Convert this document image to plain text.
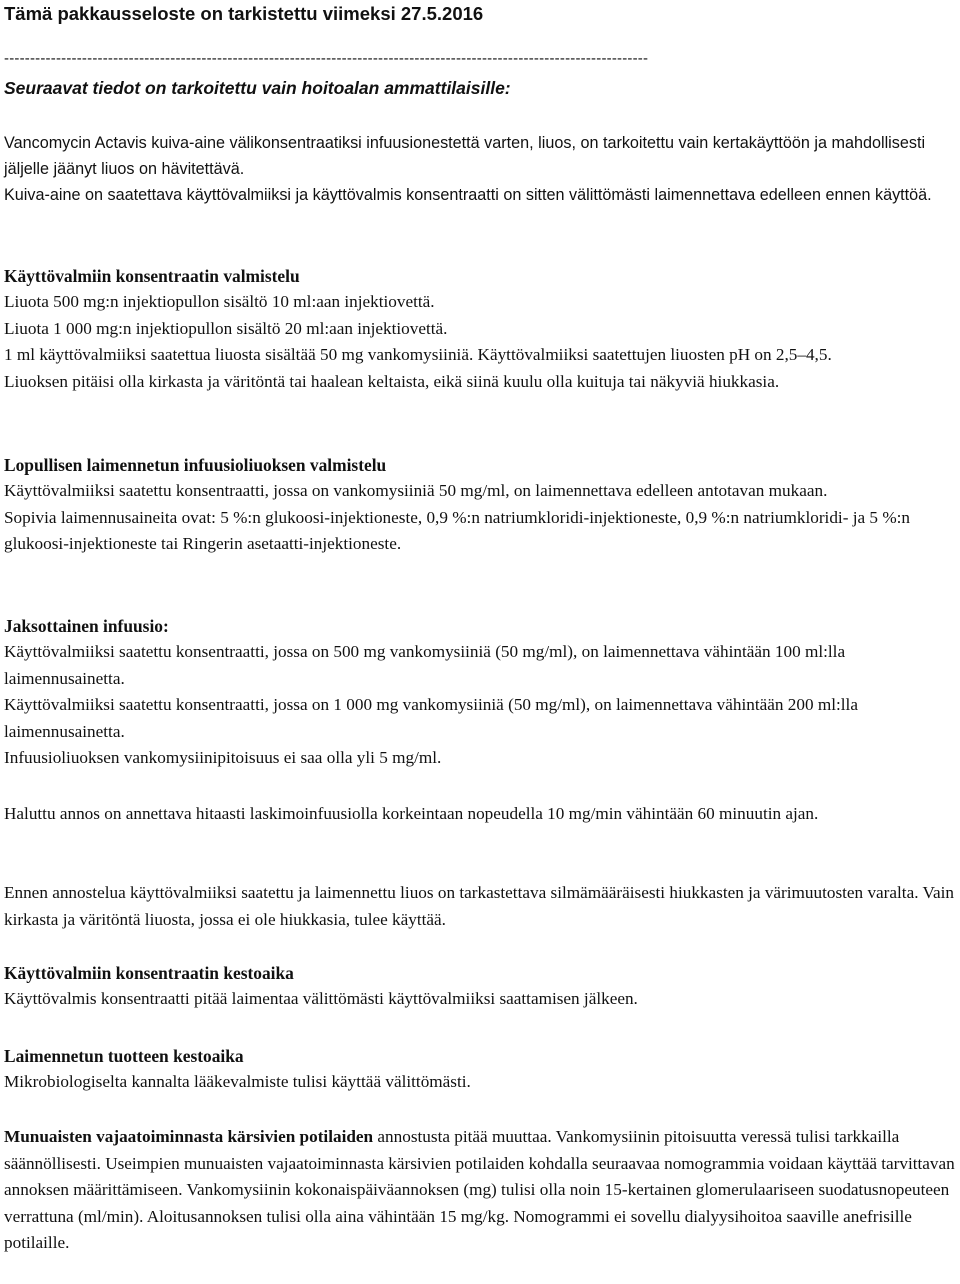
Tämä pakkausseloste on tarkistettu viimeksi 27.5.2016

----------------------------------------------------------------------------------------------------------------------------

Seuraavat tiedot on tarkoitettu vain hoitoalan ammattilaisille:

Vancomycin Actavis kuiva-aine välikonsentraatiksi infuusionestettä varten, liuos, on tarkoitettu vain kertakäyttöön ja mahdollisesti jäljelle jäänyt liuos on hävitettävä.

Kuiva-aine on saatettava käyttövalmiiksi ja käyttövalmis konsentraatti on sitten välittömästi laimennettava edelleen ennen käyttöä.

Käyttövalmiin konsentraatin valmistelu

Liuota 500 mg:n injektiopullon sisältö 10 ml:aan injektiovettä.

Liuota 1 000 mg:n injektiopullon sisältö 20 ml:aan injektiovettä.

1 ml käyttövalmiiksi saatettua liuosta sisältää 50 mg vankomysiiniä. Käyttövalmiiksi saatettujen liuosten pH on 2,5–4,5.

Liuoksen pitäisi olla kirkasta ja väritöntä tai haalean keltaista, eikä siinä kuulu olla kuituja tai näkyviä hiukkasia.

Lopullisen laimennetun infuusioliuoksen valmistelu

Käyttövalmiiksi saatettu konsentraatti, jossa on vankomysiiniä 50 mg/ml, on laimennettava edelleen antotavan mukaan.

Sopivia laimennusaineita ovat: 5 %:n glukoosi-injektioneste, 0,9 %:n natriumkloridi-injektioneste, 0,9 %:n natriumkloridi- ja 5 %:n glukoosi-injektioneste tai Ringerin asetaatti-injektioneste.

Jaksottainen infuusio:

Käyttövalmiiksi saatettu konsentraatti, jossa on 500 mg vankomysiiniä (50 mg/ml), on laimennettava vähintään 100 ml:lla laimennusainetta.

Käyttövalmiiksi saatettu konsentraatti, jossa on 1 000 mg vankomysiiniä (50 mg/ml), on laimennettava vähintään 200 ml:lla laimennusainetta.

Infuusioliuoksen vankomysiinipitoisuus ei saa olla yli 5 mg/ml.

Haluttu annos on annettava hitaasti laskimoinfuusiolla korkeintaan nopeudella 10 mg/min vähintään 60 minuutin ajan.

Ennen annostelua käyttövalmiiksi saatettu ja laimennettu liuos on tarkastettava silmämääräisesti hiukkasten ja värimuutosten varalta. Vain kirkasta ja väritöntä liuosta, jossa ei ole hiukkasia, tulee käyttää.

Käyttövalmiin konsentraatin kestoaika

Käyttövalmis konsentraatti pitää laimentaa välittömästi käyttövalmiiksi saattamisen jälkeen.

Laimennetun tuotteen kestoaika

Mikrobiologiselta kannalta lääkevalmiste tulisi käyttää välittömästi.

Munuaisten vajaatoiminnasta kärsivien potilaiden annostusta pitää muuttaa. Vankomysiinin pitoisuutta veressä tulisi tarkkailla säännöllisesti. Useimpien munuaisten vajaatoiminnasta kärsivien potilaiden kohdalla seuraavaa nomogrammia voidaan käyttää tarvittavan annoksen määrittämiseen. Vankomysiinin kokonaispäiväannoksen (mg) tulisi olla noin 15-kertainen glomerulaariseen suodatusnopeuteen verrattuna (ml/min). Aloitusannoksen tulisi olla aina vähintään 15 mg/kg. Nomogrammi ei sovellu dialyysihoitoa saaville anefrisille potilaille.
